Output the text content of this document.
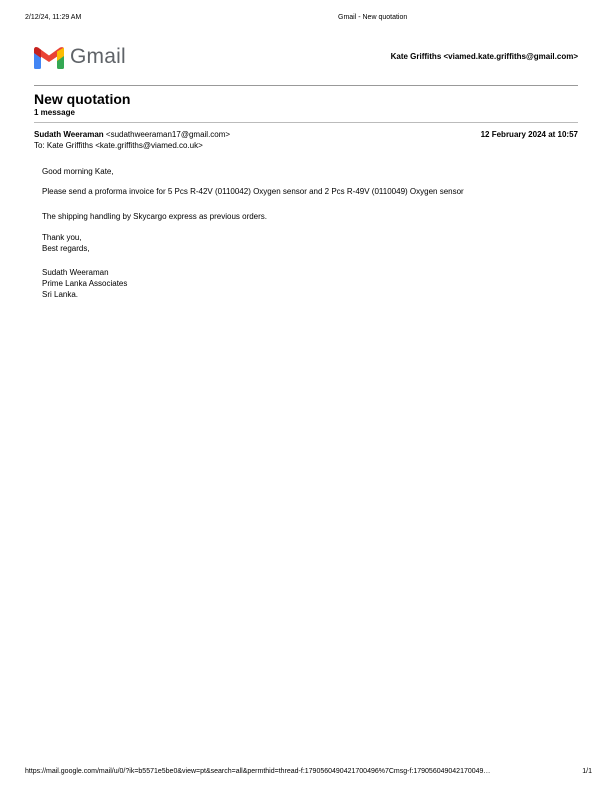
2/12/24, 11:29 AM	Gmail - New quotation
Gmail	Kate Griffiths <viamed.kate.griffiths@gmail.com>
New quotation
1 message
Sudath Weeraman <sudathweeraman17@gmail.com>	12 February 2024 at 10:57
To: Kate Griffiths <kate.griffiths@viamed.co.uk>
Good morning Kate,
Please send a proforma invoice for 5 Pcs R-42V (0110042) Oxygen sensor and 2 Pcs R-49V (0110049) Oxygen sensor
The shipping handling by Skycargo express as previous orders.
Thank you,
Best regards,
Sudath Weeraman
Prime Lanka Associates
Sri Lanka.
https://mail.google.com/mail/u/0/?ik=b5571e5be0&view=pt&search=all&permthid=thread-f:1790560490421700496%7Cmsg-f:179056049042170049…	1/1
